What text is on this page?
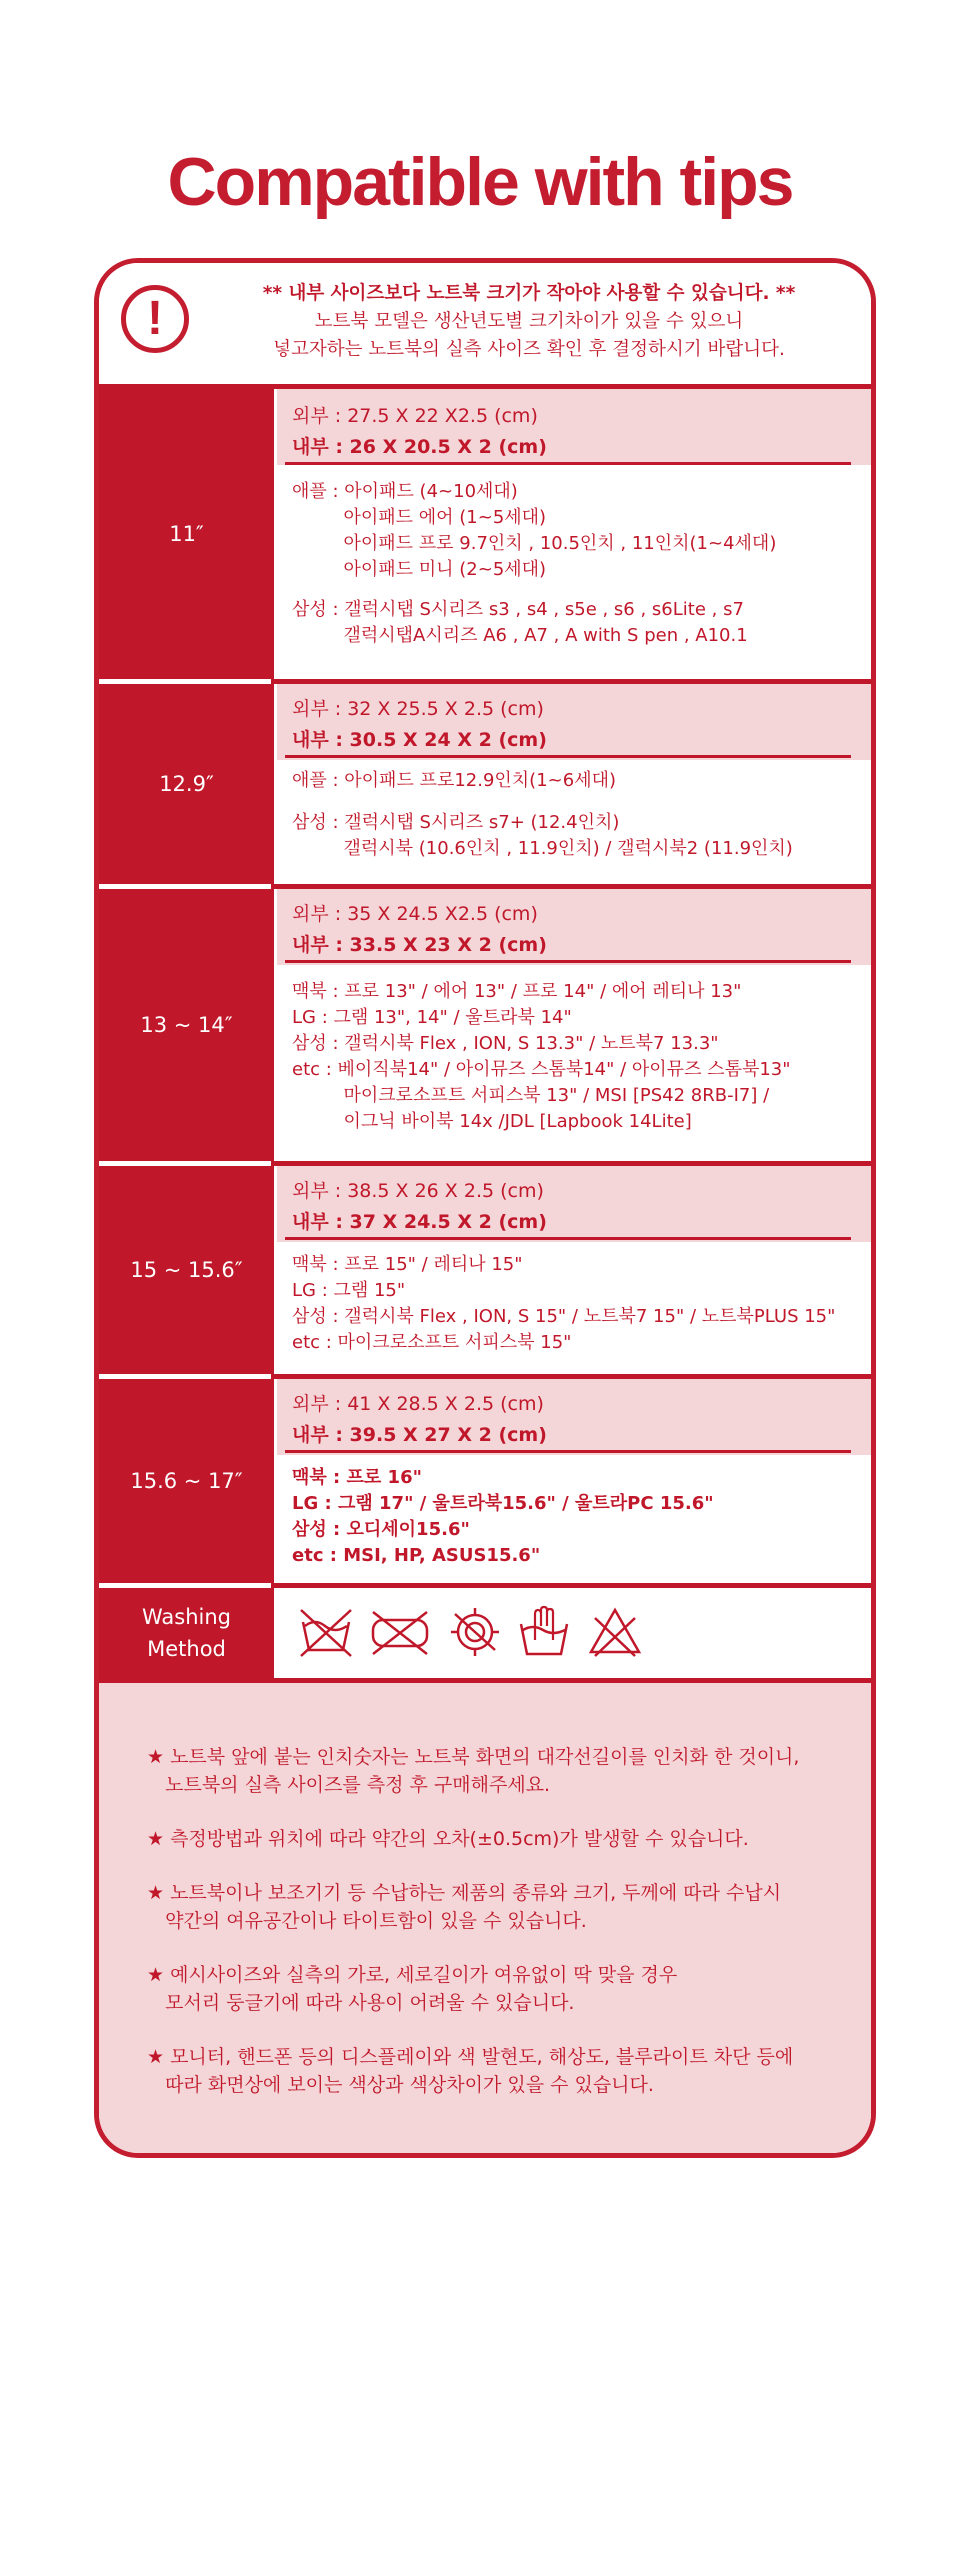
Compatible with tips
!	** 내부 사이즈보다 노트북 크기가 작아야 사용할 수 있습니다. **
노트북 모델은 생산년도별 크기차이가 있을 수 있으니
넣고자하는 노트북의 실측 사이즈 확인 후 결정하시기 바랍니다.
11″
외부 : 27.5 X 22 X2.5 (cm)
내부 : 26 X 20.5 X 2 (cm)
애플 : 아이패드 (4~10세대)
아이패드 에어 (1~5세대)
아이패드 프로 9.7인치 , 10.5인치 , 11인치(1~4세대)
아이패드 미니 (2~5세대)
삼성 : 갤럭시탭 S시리즈 s3 , s4 , s5e , s6 , s6Lite , s7
갤럭시탭A시리즈 A6 , A7 , A with S pen , A10.1
12.9″
외부 : 32 X 25.5 X 2.5 (cm)
내부 : 30.5 X 24 X 2 (cm)
애플 : 아이패드 프로12.9인치(1~6세대)
삼성 : 갤럭시탭 S시리즈 s7+ (12.4인치)
갤럭시북 (10.6인치 , 11.9인치) / 갤럭시북2 (11.9인치)
13 ~ 14″
외부 : 35 X 24.5 X2.5 (cm)
내부 : 33.5 X 23 X 2 (cm)
맥북 : 프로 13" / 에어 13" / 프로 14" / 에어 레티나 13"
LG : 그램 13", 14" / 울트라북 14"
삼성 : 갤럭시북 Flex , ION, S 13.3" / 노트북7 13.3"
etc : 베이직북14" / 아이뮤즈 스톰북14" / 아이뮤즈 스톰북13"
마이크로소프트 서피스북 13" / MSI [PS42 8RB-I7] /
이그닉 바이북 14x /JDL [Lapbook 14Lite]
15 ~ 15.6″
외부 : 38.5 X 26 X 2.5 (cm)
내부 : 37 X 24.5 X 2 (cm)
맥북 : 프로 15" / 레티나 15"
LG : 그램 15"
삼성 : 갤럭시북 Flex , ION, S 15" / 노트북7 15" / 노트북PLUS 15"
etc : 마이크로소프트 서피스북 15"
15.6 ~ 17″
외부 : 41 X 28.5 X 2.5 (cm)
내부 : 39.5 X 27 X 2 (cm)
맥북 : 프로 16"
LG : 그램 17" / 울트라북15.6" / 울트라PC 15.6"
삼성 : 오디세이15.6"
etc : MSI, HP, ASUS15.6"
Washing
Method
★ 노트북 앞에 붙는 인치숫자는 노트북 화면의 대각선길이를 인치화 한 것이니,
노트북의 실측 사이즈를 측정 후 구매해주세요.
★ 측정방법과 위치에 따라 약간의 오차(±0.5cm)가 발생할 수 있습니다.
★ 노트북이나 보조기기 등 수납하는 제품의 종류와 크기, 두께에 따라 수납시
약간의 여유공간이나 타이트함이 있을 수 있습니다.
★ 예시사이즈와 실측의 가로, 세로길이가 여유없이 딱 맞을 경우
모서리 둥글기에 따라 사용이 어려울 수 있습니다.
★ 모니터, 핸드폰 등의 디스플레이와 색 발현도, 해상도, 블루라이트 차단 등에
따라 화면상에 보이는 색상과 색상차이가 있을 수 있습니다.
